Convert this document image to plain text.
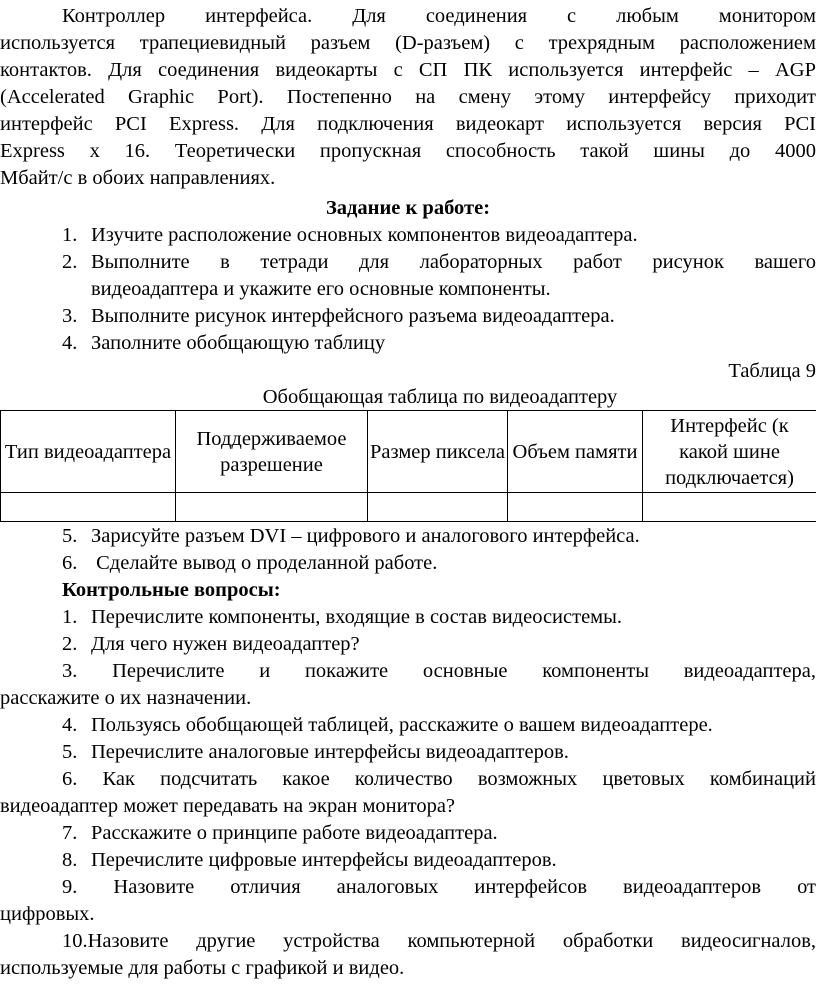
Контроллер интерфейса. Для соединения с любым монитором
используется трапециевидный разъем (D-разъем) с трехрядным расположением
контактов. Для соединения видеокарты с СП ПК используется интерфейс – AGP
(Accelerated Graphic Port). Постепенно на смену этому интерфейсу приходит
интерфейс PCI Express. Для подключения видеокарт используется версия PCI
Express x 16. Теоретически пропускная способность такой шины до 4000
Мбайт/с в обоих направлениях.
Задание к работе:
1. Изучите расположение основных компонентов видеоадаптера.
2. Выполните в тетради для лабораторных работ рисунок вашего
видеоадаптера и укажите его основные компоненты.
3. Выполните рисунок интерфейсного разъема видеоадаптера.
4. Заполните обобщающую таблицу
Таблица 9
Обобщающая таблица по видеоадаптеру
Тип видеоадаптера	Поддерживаемое разрешение	Размер пиксела	Объем памяти	Интерфейс (к какой шине подключается)

5. Зарисуйте разъем DVI – цифрового и аналогового интерфейса.
6. Сделайте вывод о проделанной работе.
Контрольные вопросы:
1. Перечислите компоненты, входящие в состав видеосистемы.
2. Для чего нужен видеоадаптер?
3. Перечислите и покажите основные компоненты видеоадаптера,
расскажите о их назначении.
4. Пользуясь обобщающей таблицей, расскажите о вашем видеоадаптере.
5. Перечислите аналоговые интерфейсы видеоадаптеров.
6. Как подсчитать какое количество возможных цветовых комбинаций
видеоадаптер может передавать на экран монитора?
7. Расскажите о принципе работе видеоадаптера.
8. Перечислите цифровые интерфейсы видеоадаптеров.
9. Назовите отличия аналоговых интерфейсов видеоадаптеров от
цифровых.
10.Назовите другие устройства компьютерной обработки видеосигналов,
используемые для работы с графикой и видео.
